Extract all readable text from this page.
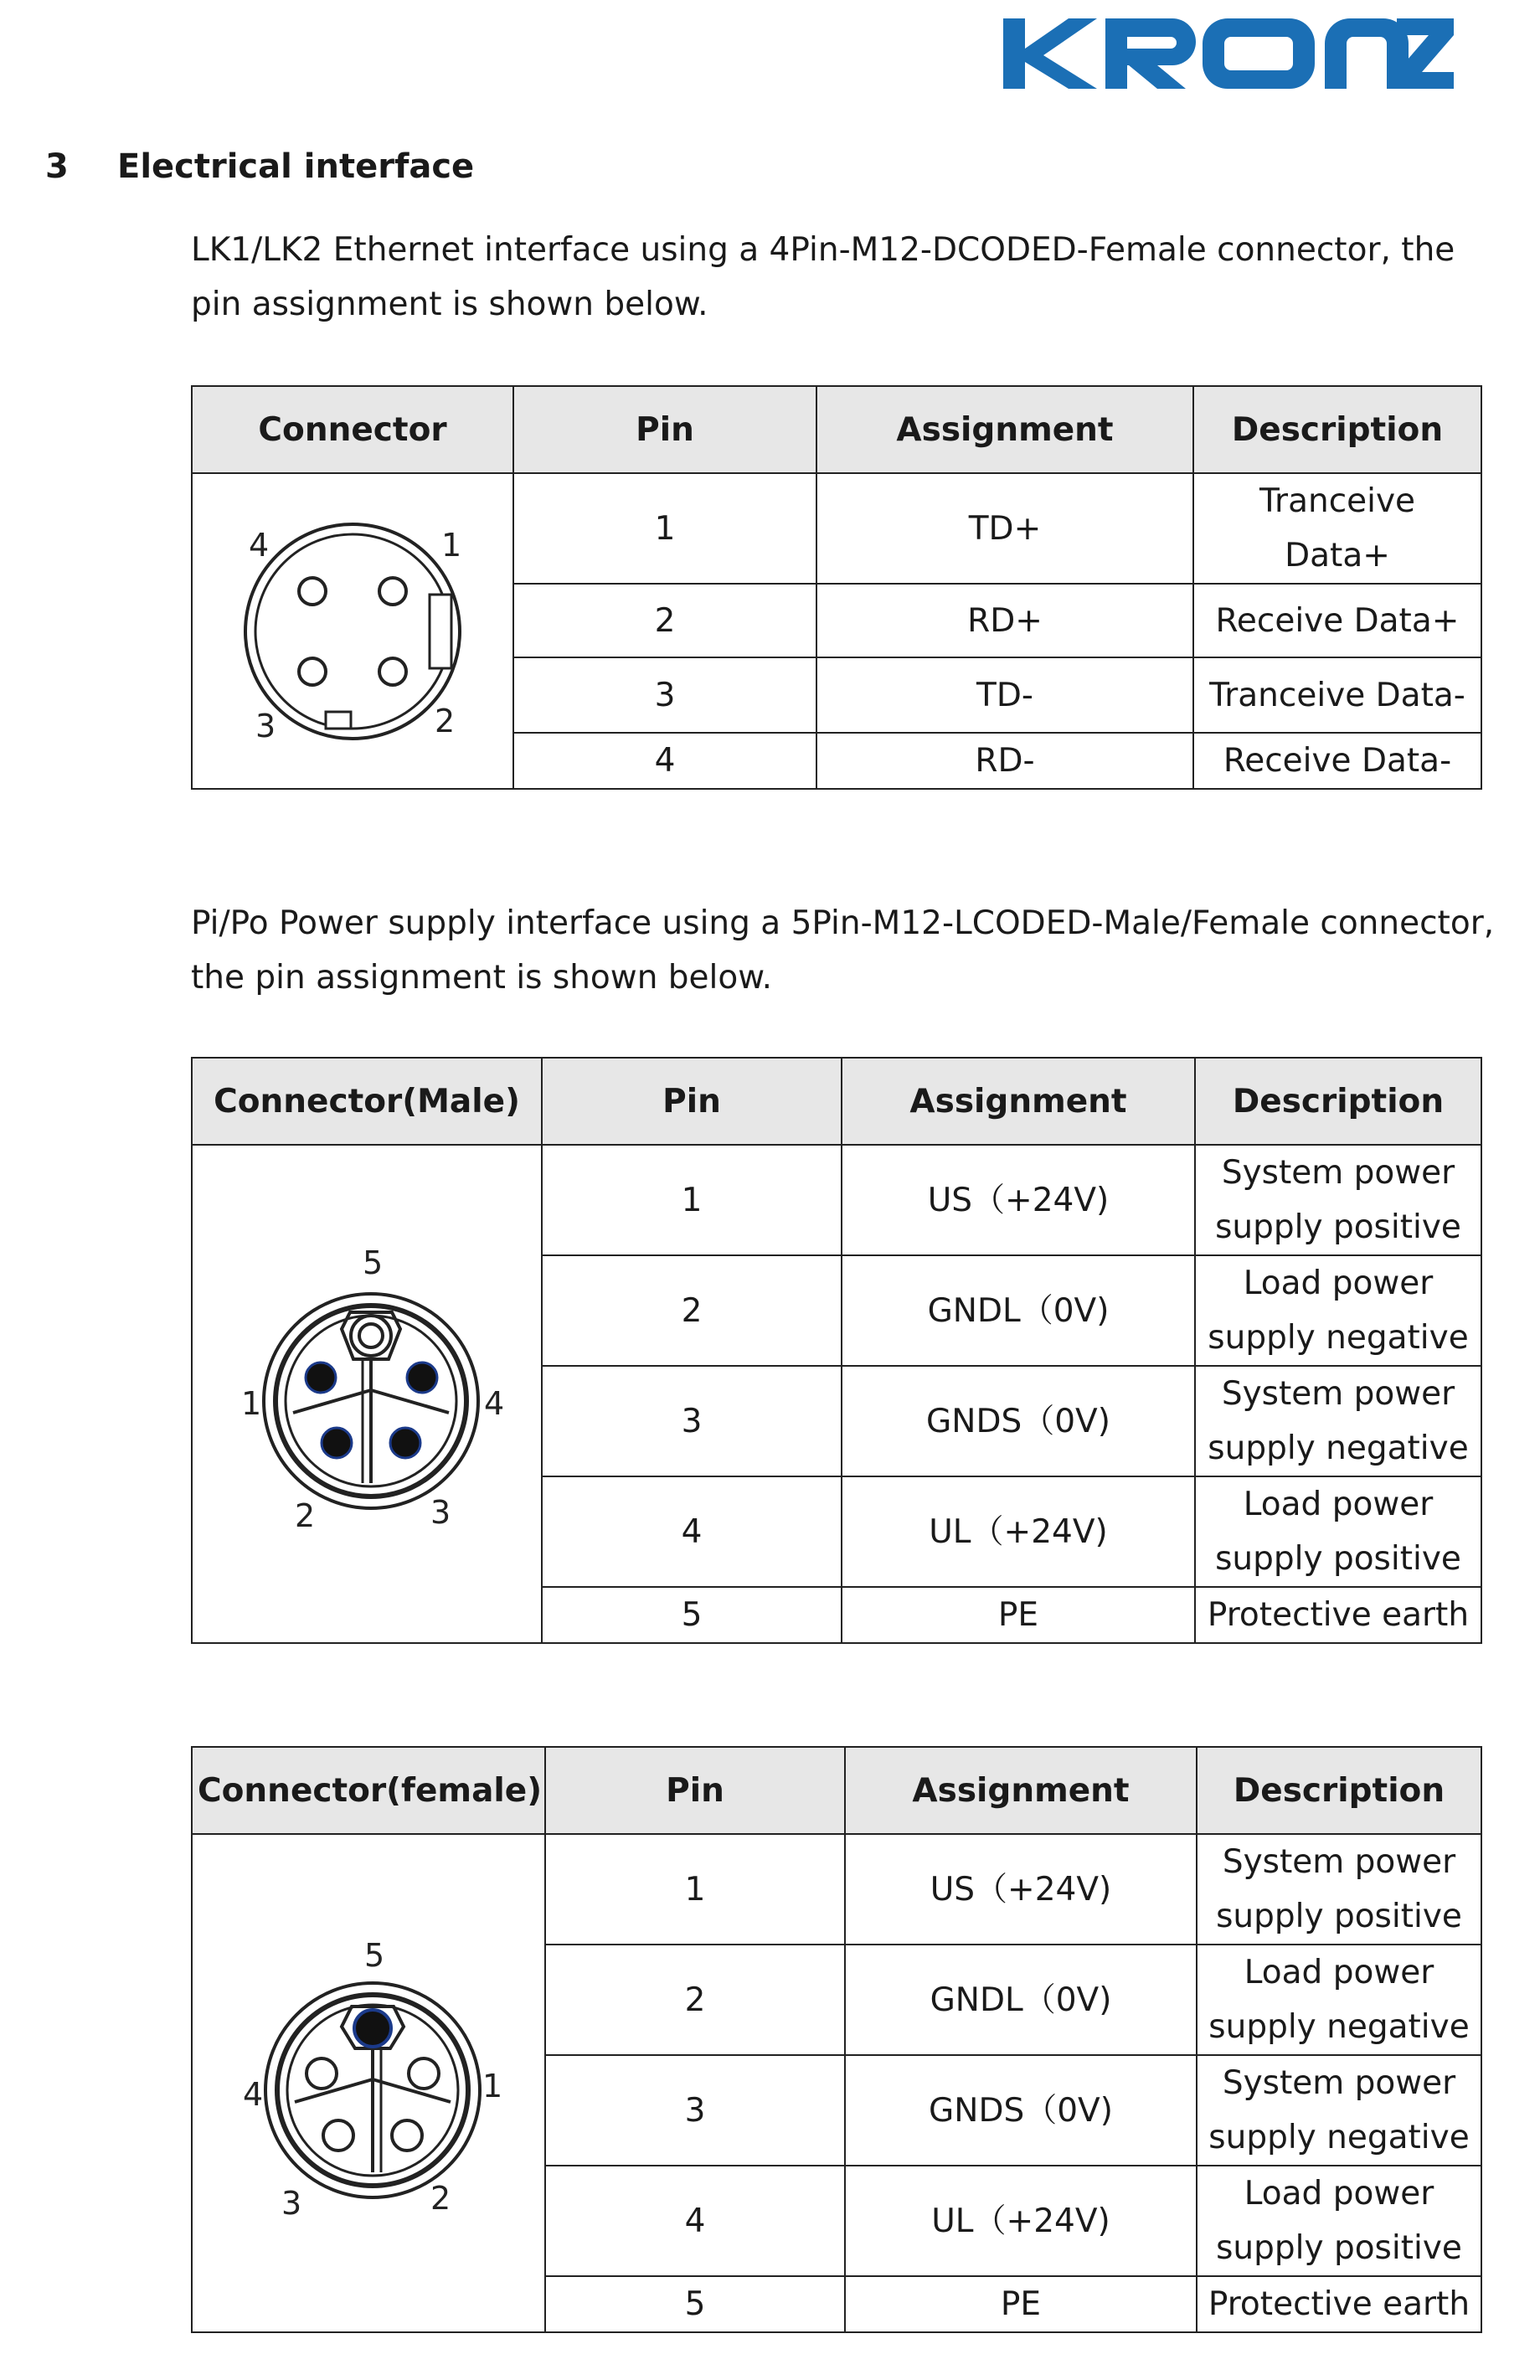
3 Electrical interface

LK1/LK2 Ethernet interface using a 4Pin-M12-DCODED-Female connector, the pin assignment is shown below.

Connector	Pin	Assignment	Description

4 1
3 2	1	TD+	Tranceive
Data+
	2	RD+	Receive Data+
	3	TD-	Tranceive Data-
	4	RD-	Receive Data-

Pi/Po Power supply interface using a 5Pin-M12-LCODED-Male/Female connector, the pin assignment is shown below.

Connector(Male)	Pin	Assignment	Description

5
1 4
2 3	1	US（+24V)	System power
supply positive
	2	GNDL（0V)	Load power
supply negative
	3	GNDS（0V)	System power
supply negative
	4	UL（+24V)	Load power
supply positive
	5	PE	Protective earth
Connector(female)	Pin	Assignment	Description

5
4 1
3 2	1	US（+24V)	System power
supply positive
	2	GNDL（0V)	Load power
supply negative
	3	GNDS（0V)	System power
supply negative
	4	UL（+24V)	Load power
supply positive
	5	PE	Protective earth
